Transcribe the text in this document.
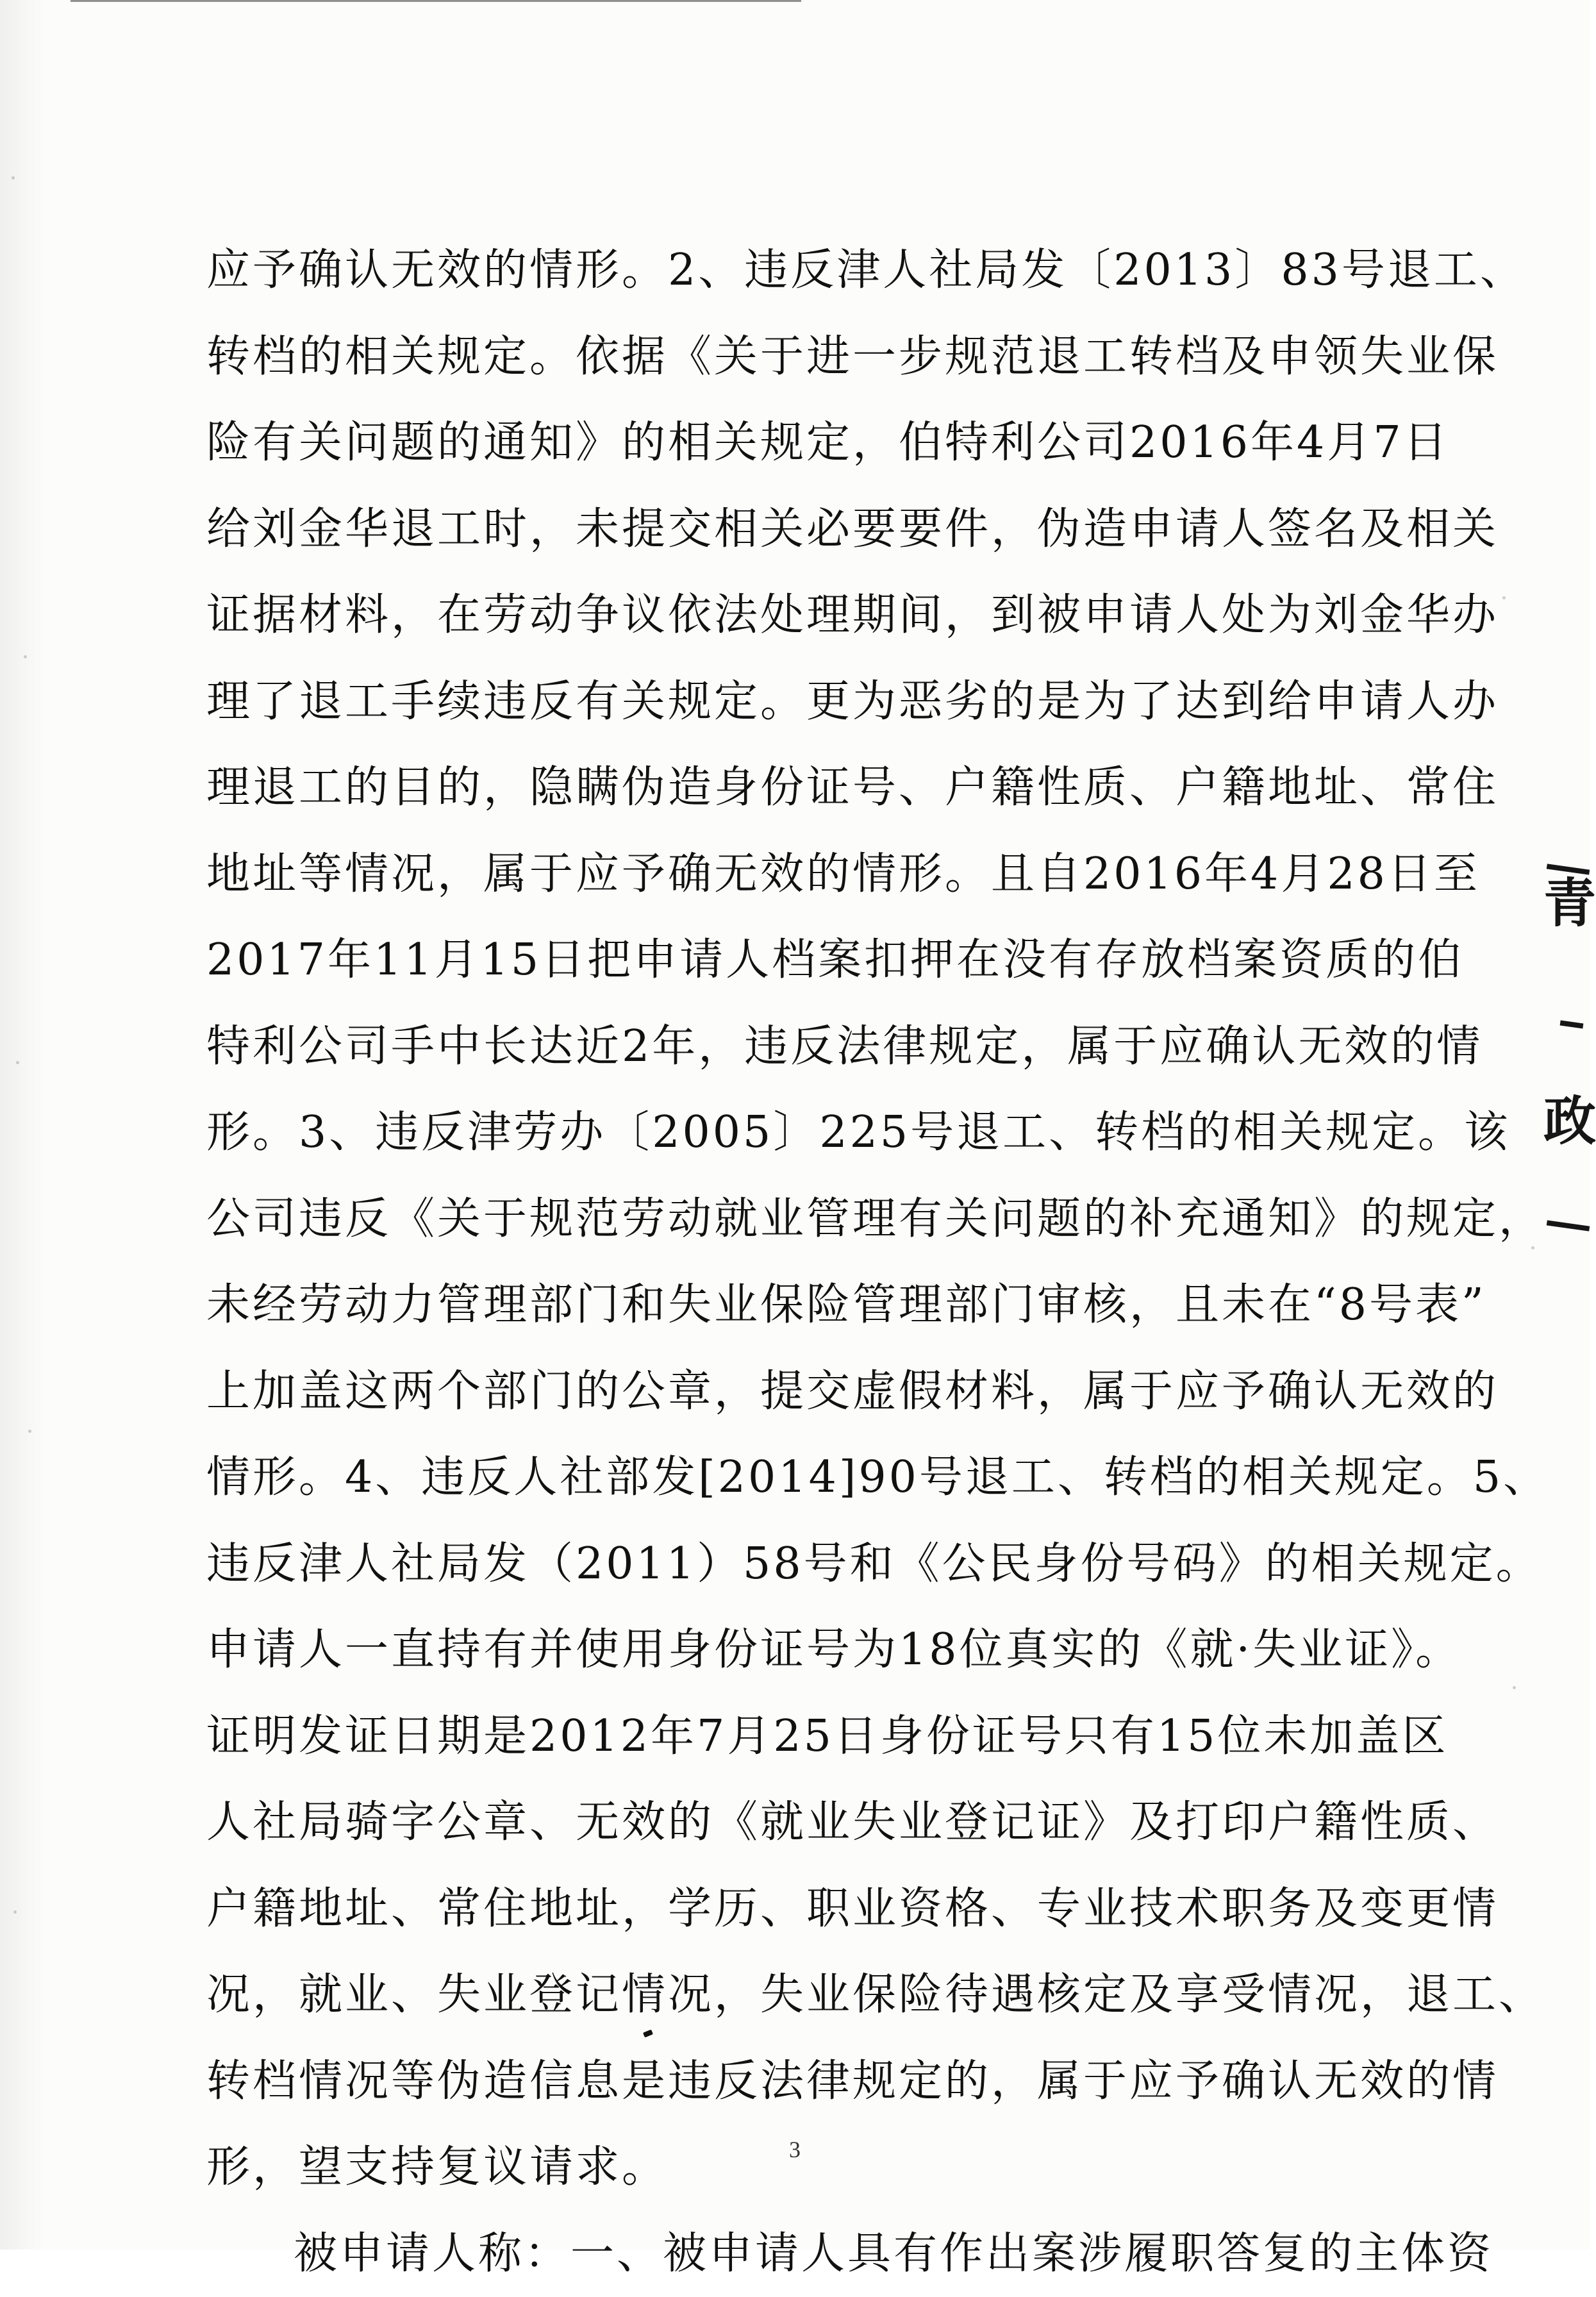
应予确认无效的情形。2、违反津人社局发〔2013〕83号退工、
转档的相关规定。依据《关于进一步规范退工转档及申领失业保
险有关问题的通知》的相关规定，伯特利公司2016年4月7日
给刘金华退工时，未提交相关必要要件，伪造申请人签名及相关
证据材料，在劳动争议依法处理期间，到被申请人处为刘金华办
理了退工手续违反有关规定。更为恶劣的是为了达到给申请人办
理退工的目的，隐瞒伪造身份证号、户籍性质、户籍地址、常住
地址等情况，属于应予确无效的情形。且自2016年4月28日至
2017年11月15日把申请人档案扣押在没有存放档案资质的伯
特利公司手中长达近2年，违反法律规定，属于应确认无效的情
形。3、违反津劳办〔2005〕225号退工、转档的相关规定。该
公司违反《关于规范劳动就业管理有关问题的补充通知》的规定，
未经劳动力管理部门和失业保险管理部门审核，且未在“8号表”
上加盖这两个部门的公章，提交虚假材料，属于应予确认无效的
情形。4、违反人社部发[2014]90号退工、转档的相关规定。5、
违反津人社局发（2011）58号和《公民身份号码》的相关规定。
申请人一直持有并使用身份证号为18位真实的《就·失业证》。
证明发证日期是2012年7月25日身份证号只有15位未加盖区
人社局骑字公章、无效的《就业失业登记证》及打印户籍性质、
户籍地址、常住地址，学历、职业资格、专业技术职务及变更情
况，就业、失业登记情况，失业保险待遇核定及享受情况，退工、
转档情况等伪造信息是违反法律规定的，属于应予确认无效的情
形，望支持复议请求。
被申请人称：一、被申请人具有作出案涉履职答复的主体资
3
青
政
